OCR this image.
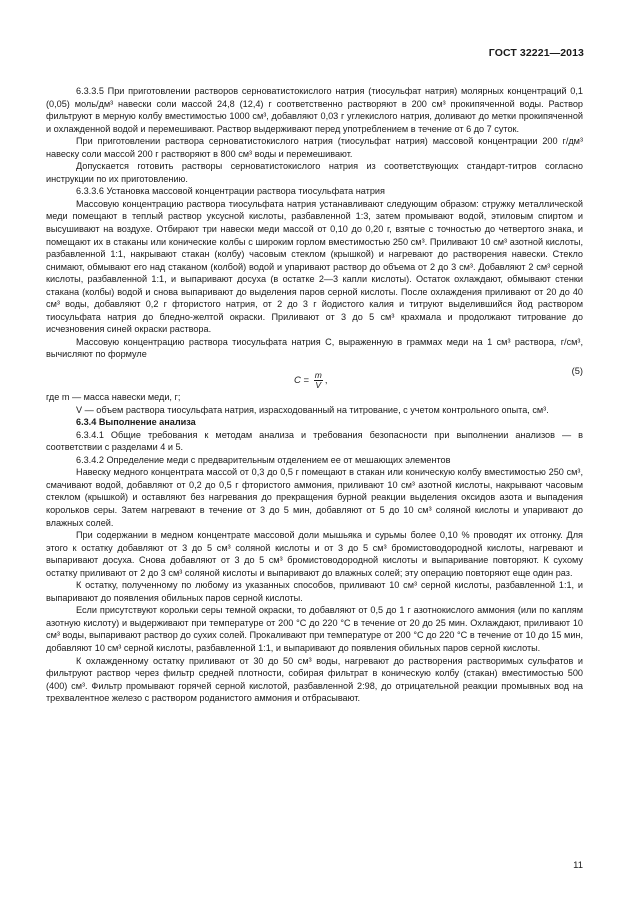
ГОСТ 32221—2013

6.3.3.5 При приготовлении растворов серноватистокислого натрия (тиосульфат натрия) молярных концентраций 0,1 (0,05) моль/дм³ навески соли массой 24,8 (12,4) г соответственно растворяют в 200 см³ прокипяченной воды. Раствор фильтруют в мерную колбу вместимостью 1000 см³, добавляют 0,03 г углекислого натрия, доливают до метки прокипяченной и охлажденной водой и перемешивают. Раствор выдерживают перед употреблением в течение от 6 до 7 суток.

При приготовлении раствора серноватистокислого натрия (тиосульфат натрия) массовой концентрации 200 г/дм³ навеску соли массой 200 г растворяют в 800 см³ воды и перемешивают.

Допускается готовить растворы серноватистокислого натрия из соответствующих стандарт-титров согласно инструкции по их приготовлению.

6.3.3.6 Установка массовой концентрации раствора тиосульфата натрия

Массовую концентрацию раствора тиосульфата натрия устанавливают следующим образом: стружку металлической меди помещают в теплый раствор уксусной кислоты, разбавленной 1:3, затем промывают водой, этиловым спиртом и высушивают на воздухе. Отбирают три навески меди массой от 0,10 до 0,20 г, взятые с точностью до четвертого знака, и помещают их в стаканы или конические колбы с широким горлом вместимостью 250 см³. Приливают 10 см³ азотной кислоты, разбавленной 1:1, накрывают стакан (колбу) часовым стеклом (крышкой) и нагревают до растворения навески. Стекло снимают, обмывают его над стаканом (колбой) водой и упаривают раствор до объема от 2 до 3 см³. Добавляют 2 см³ серной кислоты, разбавленной 1:1, и выпаривают досуха (в остатке 2—3 капли кислоты). Остаток охлаждают, обмывают стенки стакана (колбы) водой и снова выпаривают до выделения паров серной кислоты. После охлаждения приливают от 20 до 40 см³ воды, добавляют 0,2 г фтористого натрия, от 2 до 3 г йодистого калия и титруют выделившийся йод раствором тиосульфата натрия до бледно-желтой окраски. Приливают от 3 до 5 см³ крахмала и продолжают титрование до исчезновения синей окраски раствора.

Массовую концентрацию раствора тиосульфата натрия C, выраженную в граммах меди на 1 см³ раствора, г/см³, вычисляют по формуле

$C = \frac{m}{V}$ ,
(5)

где m — масса навески меди, г;

V — объем раствора тиосульфата натрия, израсходованный на титрование, с учетом контрольного опыта, см³.

6.3.4 Выполнение анализа

6.3.4.1 Общие требования к методам анализа и требования безопасности при выполнении анализов — в соответствии с разделами 4 и 5.

6.3.4.2 Определение меди с предварительным отделением ее от мешающих элементов

Навеску медного концентрата массой от 0,3 до 0,5 г помещают в стакан или коническую колбу вместимостью 250 см³, смачивают водой, добавляют от 0,2 до 0,5 г фтористого аммония, приливают 10 см³ азотной кислоты, накрывают часовым стеклом (крышкой) и оставляют без нагревания до прекращения бурной реакции выделения оксидов азота и выпадения корольков серы. Затем нагревают в течение от 3 до 5 мин, добавляют от 5 до 10 см³ соляной кислоты и упаривают до влажных солей.

При содержании в медном концентрате массовой доли мышьяка и сурьмы более 0,10 % проводят их отгонку. Для этого к остатку добавляют от 3 до 5 см³ соляной кислоты и от 3 до 5 см³ бромистоводородной кислоты, нагревают и выпаривают досуха. Снова добавляют от 3 до 5 см³ бромистоводородной кислоты и выпаривание повторяют. К сухому остатку приливают от 2 до 3 см³ соляной кислоты и выпаривают до влажных солей; эту операцию повторяют еще один раз.

К остатку, полученному по любому из указанных способов, приливают 10 см³ серной кислоты, разбавленной 1:1, и выпаривают до появления обильных паров серной кислоты.

Если присутствуют корольки серы темной окраски, то добавляют от 0,5 до 1 г азотнокислого аммония (или по каплям азотную кислоту) и выдерживают при температуре от 200 °С до 220 °С в течение от 20 до 25 мин. Охлаждают, приливают 10 см³ воды, выпаривают раствор до сухих солей. Прокаливают при температуре от 200 °С до 220 °С в течение от 10 до 15 мин, добавляют 10 см³ серной кислоты, разбавленной 1:1, и выпаривают до появления обильных паров серной кислоты.

К охлажденному остатку приливают от 30 до 50 см³ воды, нагревают до растворения растворимых сульфатов и фильтруют раствор через фильтр средней плотности, собирая фильтрат в коническую колбу (стакан) вместимостью 500 (400) см³. Фильтр промывают горячей серной кислотой, разбавленной 2:98, до отрицательной реакции промывных вод на трехвалентное железо с раствором роданистого аммония и отбрасывают.

11
